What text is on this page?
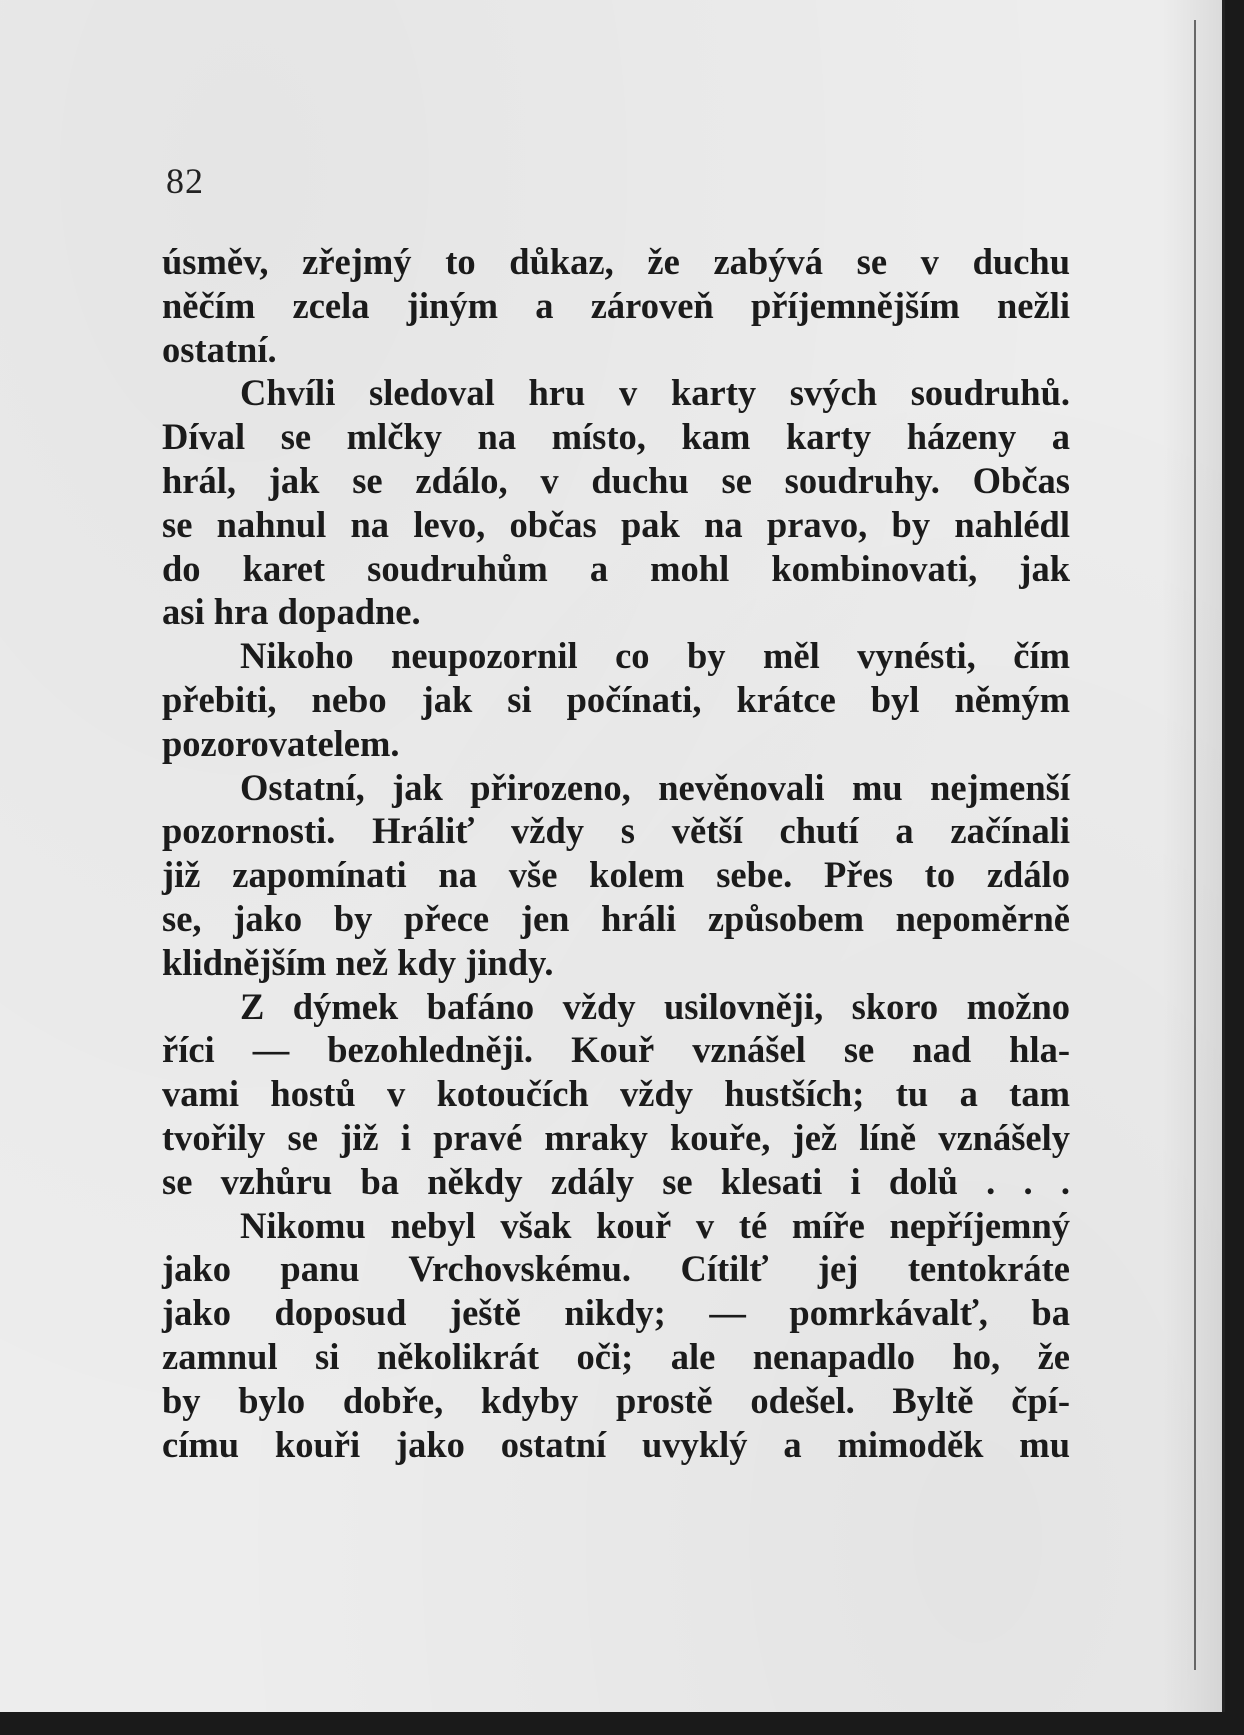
82
úsměv, zřejmý to důkaz, že zabývá se v duchu
něčím zcela jiným a zároveň příjemnějším nežli
ostatní.
Chvíli sledoval hru v karty svých soudruhů.
Díval se mlčky na místo, kam karty házeny a
hrál, jak se zdálo, v duchu se soudruhy. Občas
se nahnul na levo, občas pak na pravo, by nahlédl
do karet soudruhům a mohl kombinovati, jak
asi hra dopadne.
Nikoho neupozornil co by měl vynésti, čím
přebiti, nebo jak si počínati, krátce byl němým
pozorovatelem.
Ostatní, jak přirozeno, nevěnovali mu nejmenší
pozornosti. Hráliť vždy s větší chutí a začínali
již zapomínati na vše kolem sebe. Přes to zdálo
se, jako by přece jen hráli způsobem nepoměrně
klidnějším než kdy jindy.
Z dýmek bafáno vždy usilovněji, skoro možno
říci — bezohledněji. Kouř vznášel se nad hla-
vami hostů v kotoučích vždy hustších; tu a tam
tvořily se již i pravé mraky kouře, jež líně vznášely
se vzhůru ba někdy zdály se klesati i dolů . . .
Nikomu nebyl však kouř v té míře nepříjemný
jako panu Vrchovskému. Cítilť jej tentokráte
jako doposud ještě nikdy; — pomrkávalť, ba
zamnul si několikrát oči; ale nenapadlo ho, že
by bylo dobře, kdyby prostě odešel. Byltě čpí-
címu kouři jako ostatní uvyklý a mimoděk mu
